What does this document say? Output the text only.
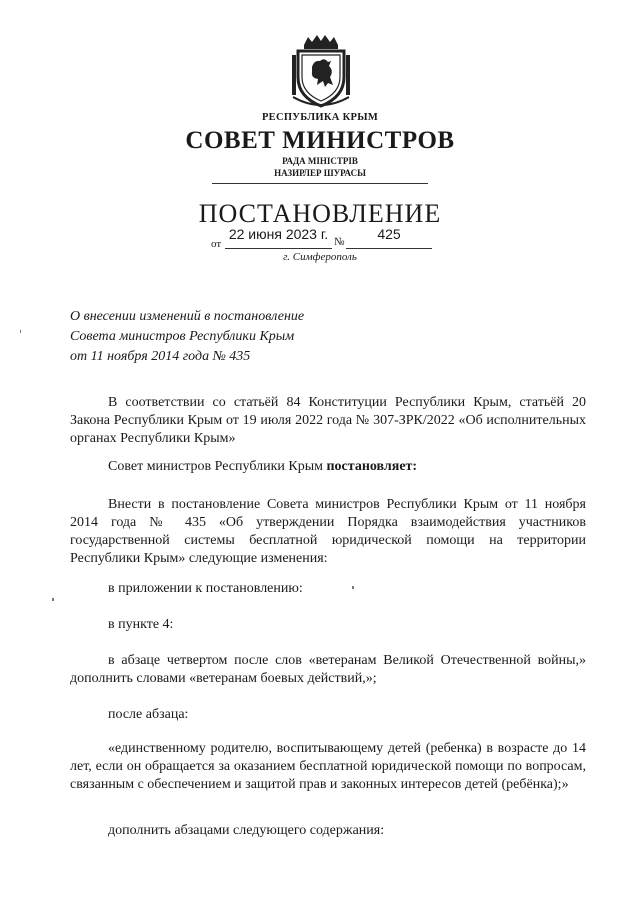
РЕСПУБЛИКА КРЫМ
СОВЕТ МИНИСТРОВ
РАДА МІНІСТРІВ
НАЗИРЛЕР ШУРАСЫ
ПОСТАНОВЛЕНИЕ
от
22 июня 2023 г. №	425
г. Симферополь
О внесении изменений в постановление
Совета министров Республики Крым
от 11 ноября 2014 года № 435
В соответствии со статьёй 84 Конституции Республики Крым, статьёй 20 Закона Республики Крым от 19 июля 2022 года № 307-ЗРК/2022 «Об исполнительных органах Республики Крым»
Совет министров Республики Крым постановляет:
Внести в постановление Совета министров Республики Крым от 11 ноября 2014 года № 435 «Об утверждении Порядка взаимодействия участников государственной системы бесплатной юридической помощи на территории Республики Крым» следующие изменения:
в приложении к постановлению:
в пункте 4:
в абзаце четвертом после слов «ветеранам Великой Отечественной войны,» дополнить словами «ветеранам боевых действий,»;
после абзаца:
«единственному родителю, воспитывающему детей (ребенка) в возрасте до 14 лет, если он обращается за оказанием бесплатной юридической помощи по вопросам, связанным с обеспечением и защитой прав и законных интересов детей (ребёнка);»
дополнить абзацами следующего содержания:
